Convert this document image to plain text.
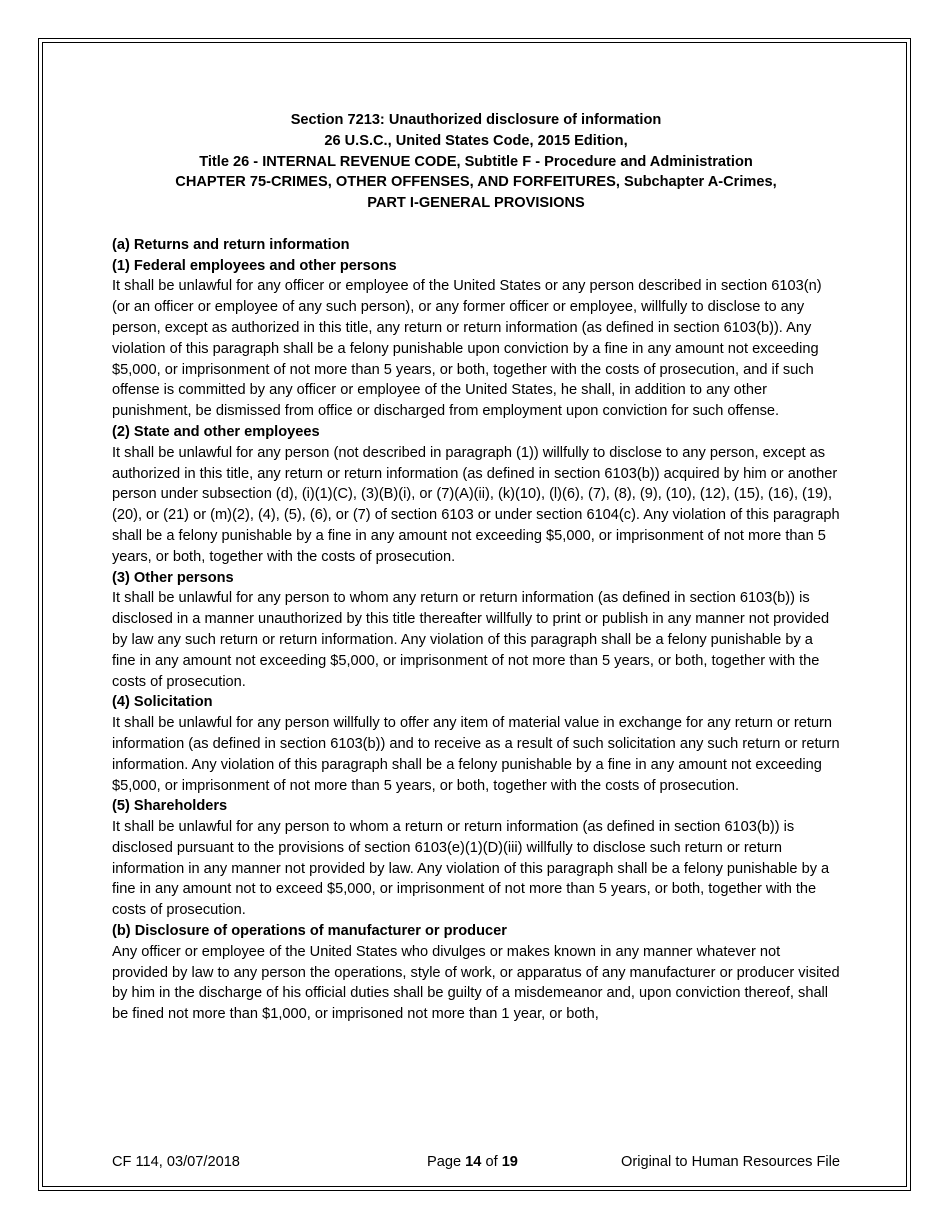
Section 7213: Unauthorized disclosure of information
26 U.S.C., United States Code, 2015 Edition,
Title 26 - INTERNAL REVENUE CODE, Subtitle F - Procedure and Administration
CHAPTER 75-CRIMES, OTHER OFFENSES, AND FORFEITURES, Subchapter A-Crimes,
PART I-GENERAL PROVISIONS
(a) Returns and return information
(1) Federal employees and other persons

It shall be unlawful for any officer or employee of the United States or any person described in section 6103(n) (or an officer or employee of any such person), or any former officer or employee, willfully to disclose to any person, except as authorized in this title, any return or return information (as defined in section 6103(b)). Any violation of this paragraph shall be a felony punishable upon conviction by a fine in any amount not exceeding $5,000, or imprisonment of not more than 5 years, or both, together with the costs of prosecution, and if such offense is committed by any officer or employee of the United States, he shall, in addition to any other punishment, be dismissed from office or discharged from employment upon conviction for such offense.

(2) State and other employees

It shall be unlawful for any person (not described in paragraph (1)) willfully to disclose to any person, except as authorized in this title, any return or return information (as defined in section 6103(b)) acquired by him or another person under subsection (d), (i)(1)(C), (3)(B)(i), or (7)(A)(ii), (k)(10), (l)(6), (7), (8), (9), (10), (12), (15), (16), (19), (20), or (21) or (m)(2), (4), (5), (6), or (7) of section 6103 or under section 6104(c). Any violation of this paragraph shall be a felony punishable by a fine in any amount not exceeding $5,000, or imprisonment of not more than 5 years, or both, together with the costs of prosecution.

(3) Other persons

It shall be unlawful for any person to whom any return or return information (as defined in section 6103(b)) is disclosed in a manner unauthorized by this title thereafter willfully to print or publish in any manner not provided by law any such return or return information. Any violation of this paragraph shall be a felony punishable by a fine in any amount not exceeding $5,000, or imprisonment of not more than 5 years, or both, together with the costs of prosecution.

(4) Solicitation

It shall be unlawful for any person willfully to offer any item of material value in exchange for any return or return information (as defined in section 6103(b)) and to receive as a result of such solicitation any such return or return information. Any violation of this paragraph shall be a felony punishable by a fine in any amount not exceeding $5,000, or imprisonment of not more than 5 years, or both, together with the costs of prosecution.

(5) Shareholders

It shall be unlawful for any person to whom a return or return information (as defined in section 6103(b)) is disclosed pursuant to the provisions of section 6103(e)(1)(D)(iii) willfully to disclose such return or return information in any manner not provided by law. Any violation of this paragraph shall be a felony punishable by a fine in any amount not to exceed $5,000, or imprisonment of not more than 5 years, or both, together with the costs of prosecution.

(b) Disclosure of operations of manufacturer or producer

Any officer or employee of the United States who divulges or makes known in any manner whatever not provided by law to any person the operations, style of work, or apparatus of any manufacturer or producer visited by him in the discharge of his official duties shall be guilty of a misdemeanor and, upon conviction thereof, shall be fined not more than $1,000, or imprisoned not more than 1 year, or both,

CF 114, 03/07/2018	Page 14 of 19	Original to Human Resources File
